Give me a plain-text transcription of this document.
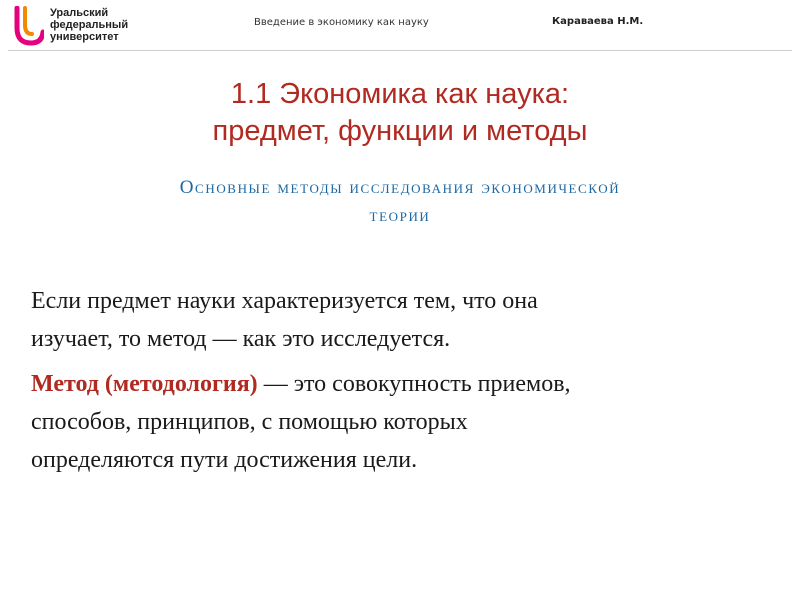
Уральский
федеральный
университет
Введение в экономику как науку	Караваева Н.М.
1.1 Экономика как наука:
предмет, функции и методы
Основные методы исследования экономической
теории

Если предмет науки характеризуется тем, что она
изучает, то метод — как это исследуется.

Метод (методология) — это совокупность приемов,
способов, принципов, с помощью которых
определяются пути достижения цели.
